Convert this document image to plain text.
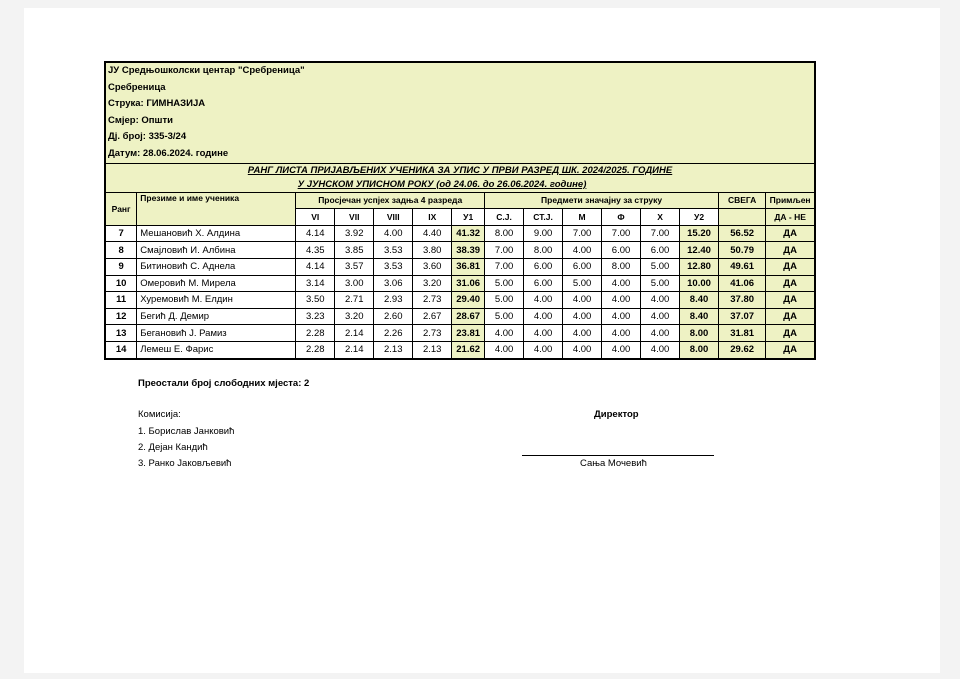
ЈУ Средњошколски центар "Сребреница"
Сребреница
Струка: ГИМНАЗИЈА
Смјер: Општи
Дј. број: 335-3/24
Датум: 28.06.2024. године
РАНГ ЛИСТА ПРИЈАВЉЕНИХ УЧЕНИКА ЗА УПИС У ПРВИ РАЗРЕД ШК. 2024/2025. ГОДИНЕ
У ЈУНСКОМ УПИСНОМ РОКУ (од 24.06. до 26.06.2024. године)
Ранг	Презиме и име ученика	Просјечан успјех задња 4 разреда					Предмети значајну за струку						СВЕГА	Примљен
		VI	VII	VIII	IX	У1	С.Ј.	СТ.Ј.	М	Ф	Х	У2		ДА - НЕ
7	Мешановић Х. Алдина	4.14	3.92	4.00	4.40	41.32	8.00	9.00	7.00	7.00	7.00	15.20	56.52	ДА
8	Смајловић И. Албина	4.35	3.85	3.53	3.80	38.39	7.00	8.00	4.00	6.00	6.00	12.40	50.79	ДА
9	Битиновић С. Аднела	4.14	3.57	3.53	3.60	36.81	7.00	6.00	6.00	8.00	5.00	12.80	49.61	ДА
10	Омеровић М. Мирела	3.14	3.00	3.06	3.20	31.06	5.00	6.00	5.00	4.00	5.00	10.00	41.06	ДА
11	Хуремовић М. Елдин	3.50	2.71	2.93	2.73	29.40	5.00	4.00	4.00	4.00	4.00	8.40	37.80	ДА
12	Бегић Д. Демир	3.23	3.20	2.60	2.67	28.67	5.00	4.00	4.00	4.00	4.00	8.40	37.07	ДА
13	Бегановић Ј. Рамиз	2.28	2.14	2.26	2.73	23.81	4.00	4.00	4.00	4.00	4.00	8.00	31.81	ДА
14	Лемеш Е. Фарис	2.28	2.14	2.13	2.13	21.62	4.00	4.00	4.00	4.00	4.00	8.00	29.62	ДА
Преостали број слободних мјеста: 2
Комисија:
1. Борислав Јанковић
2. Дејан Кандић
3. Ранко Јаковљевић
Директор
Сања Мочевић
